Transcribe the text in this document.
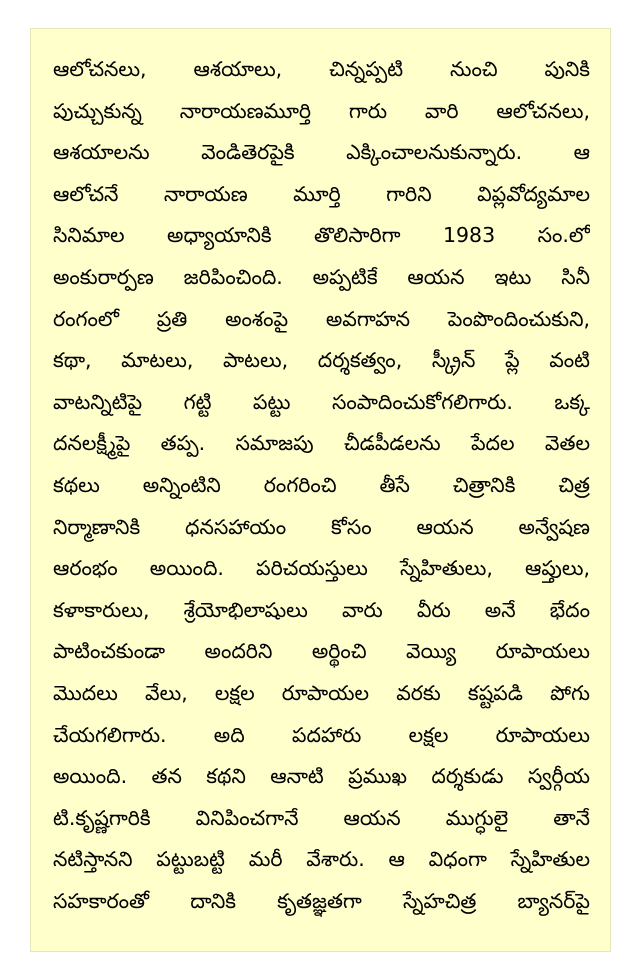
ఆలోచనలు, ఆశయాలు, చిన్నప్పటి నుంచి పునికి
పుచ్చుకున్న నారాయణమూర్తి గారు వారి ఆలోచనలు,
ఆశయాలను వెండితెరపైకి ఎక్కించాలనుకున్నారు. ఆ
ఆలోచనే నారాయణ మూర్తి గారిని విప్లవోద్యమాల
సినిమాల అధ్యాయానికి తొలిసారిగా 1983 సం.లో
అంకురార్పణ జరిపించింది. అప్పటికే ఆయన ఇటు సినీ
రంగంలో ప్రతి అంశంపై అవగాహన పెంపొందించుకుని,
కథా, మాటలు, పాటలు, దర్శకత్వం, స్క్రీన్ ప్లే వంటి
వాటన్నిటిపై గట్టి పట్టు సంపాదించుకోగలిగారు. ఒక్క
దనలక్ష్మీపై తప్ప. సమాజపు చీడపీడలను పేదల వెతల
కథలు అన్నింటిని రంగరించి తీసే చిత్రానికి చిత్ర
నిర్మాణానికి ధనసహాయం కోసం ఆయన అన్వేషణ
ఆరంభం అయింది. పరిచయస్తులు స్నేహితులు, ఆప్తులు,
కళాకారులు, శ్రేయోభిలాషులు వారు వీరు అనే భేదం
పాటించకుండా అందరిని అర్థించి వెయ్యి రూపాయలు
మొదలు వేలు, లక్షల రూపాయల వరకు కష్టపడి పోగు
చేయగలిగారు. అది పదహారు లక్షల రూపాయలు
అయింది. తన కథని ఆనాటి ప్రముఖ దర్శకుడు స్వర్గీయ
టి.కృష్ణగారికి వినిపించగానే ఆయన ముగ్ధులై తానే
నటిస్తానని పట్టుబట్టి మరీ వేశారు. ఆ విధంగా స్నేహితుల
సహకారంతో దానికి కృతజ్ఞతగా స్నేహచిత్ర బ్యానర్‌పై
